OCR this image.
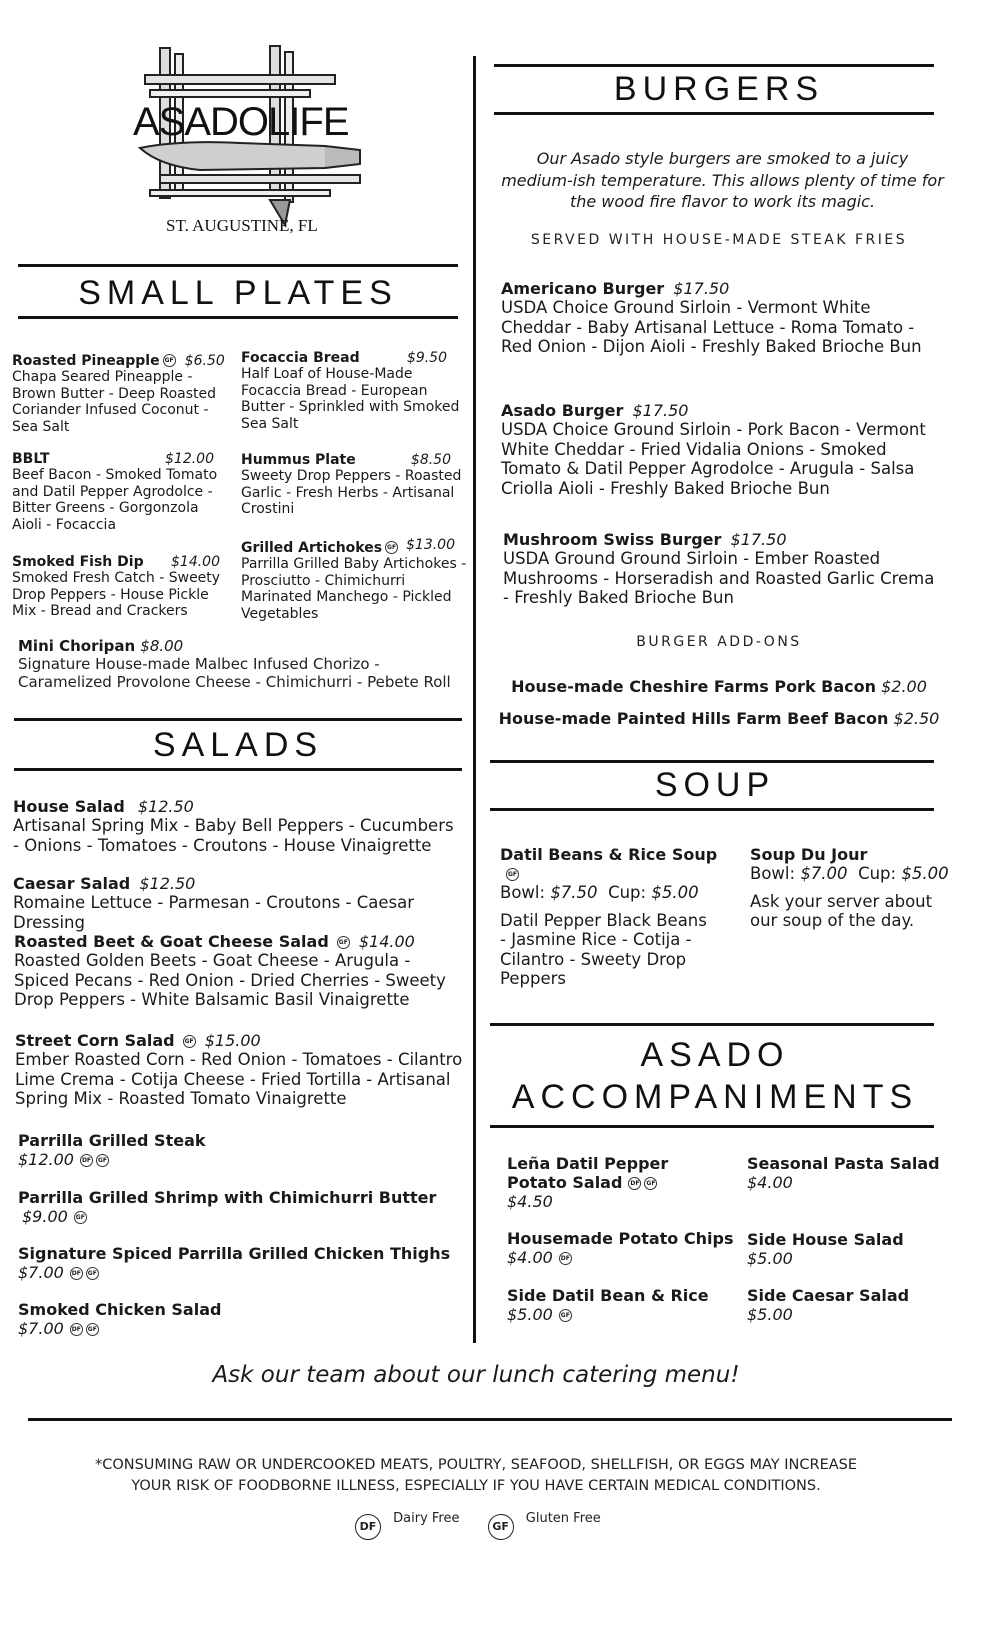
ASADOLIFE
ST. AUGUSTINE, FL
SMALL PLATES
Roasted Pineapple GF $6.50
Chapa Seared Pineapple - Brown Butter - Deep Roasted Coriander Infused Coconut - Sea Salt
Focaccia Bread	$9.50
Half Loaf of House-Made Focaccia Bread - European Butter - Sprinkled with Smoked Sea Salt
BBLT	$12.00
Beef Bacon - Smoked Tomato and Datil Pepper Agrodolce - Bitter Greens - Gorgonzola Aioli - Focaccia
Hummus Plate	$8.50
Sweety Drop Peppers - Roasted Garlic - Fresh Herbs - Artisanal Crostini
Smoked Fish Dip $14.00
Smoked Fresh Catch - Sweety Drop Peppers - House Pickle Mix - Bread and Crackers
Grilled Artichokes GF $13.00
Parrilla Grilled Baby Artichokes - Prosciutto - Chimichurri Marinated Manchego - Pickled Vegetables
Mini Choripan $8.00
Signature House-made Malbec Infused Chorizo - Caramelized Provolone Cheese - Chimichurri - Pebete Roll
SALADS
House Salad $12.50
Artisanal Spring Mix - Baby Bell Peppers - Cucumbers - Onions - Tomatoes - Croutons - House Vinaigrette
Caesar Salad $12.50
Romaine Lettuce - Parmesan - Croutons - Caesar Dressing
Roasted Beet & Goat Cheese Salad GF $14.00
Roasted Golden Beets - Goat Cheese - Arugula - Spiced Pecans - Red Onion - Dried Cherries - Sweety Drop Peppers - White Balsamic Basil Vinaigrette
Street Corn Salad GF $15.00
Ember Roasted Corn - Red Onion - Tomatoes - Cilantro Lime Crema - Cotija Cheese - Fried Tortilla - Artisanal Spring Mix - Roasted Tomato Vinaigrette
Parrilla Grilled Steak
$12.00 DF GF
Parrilla Grilled Shrimp with Chimichurri Butter
$9.00 GF
Signature Spiced Parrilla Grilled Chicken Thighs
$7.00 DF GF
Smoked Chicken Salad
$7.00 DF GF
BURGERS
Our Asado style burgers are smoked to a juicy medium-ish temperature. This allows plenty of time for the wood fire flavor to work its magic.
SERVED WITH HOUSE-MADE STEAK FRIES
Americano Burger $17.50
USDA Choice Ground Sirloin - Vermont White Cheddar - Baby Artisanal Lettuce - Roma Tomato - Red Onion - Dijon Aioli - Freshly Baked Brioche Bun
Asado Burger $17.50
USDA Choice Ground Sirloin - Pork Bacon - Vermont White Cheddar - Fried Vidalia Onions - Smoked Tomato & Datil Pepper Agrodolce - Arugula - Salsa Criolla Aioli - Freshly Baked Brioche Bun
Mushroom Swiss Burger $17.50
USDA Ground Ground Sirloin - Ember Roasted Mushrooms - Horseradish and Roasted Garlic Crema - Freshly Baked Brioche Bun
BURGER ADD-ONS
House-made Cheshire Farms Pork Bacon $2.00
House-made Painted Hills Farm Beef Bacon $2.50
SOUP
Datil Beans & Rice SoupGF
Bowl: $7.50 Cup: $5.00
Datil Pepper Black Beans - Jasmine Rice - Cotija - Cilantro - Sweety Drop Peppers
Soup Du Jour
Bowl: $7.00 Cup: $5.00
Ask your server about our soup of the day.
ASADO
ACCOMPANIMENTS
Leña Datil Pepper Potato Salad DF GF
$4.50
Seasonal Pasta Salad
$4.00
Housemade Potato Chips
$4.00 DF
Side House Salad
$5.00
Side Datil Bean & Rice
$5.00 GF
Side Caesar Salad
$5.00
Ask our team about our lunch catering menu!
*CONSUMING RAW OR UNDERCOOKED MEATS, POULTRY, SEAFOOD, SHELLFISH, OR EGGS MAY INCREASE
YOUR RISK OF FOODBORNE ILLNESS, ESPECIALLY IF YOU HAVE CERTAIN MEDICAL CONDITIONS.
DF Dairy Free GF Gluten Free
